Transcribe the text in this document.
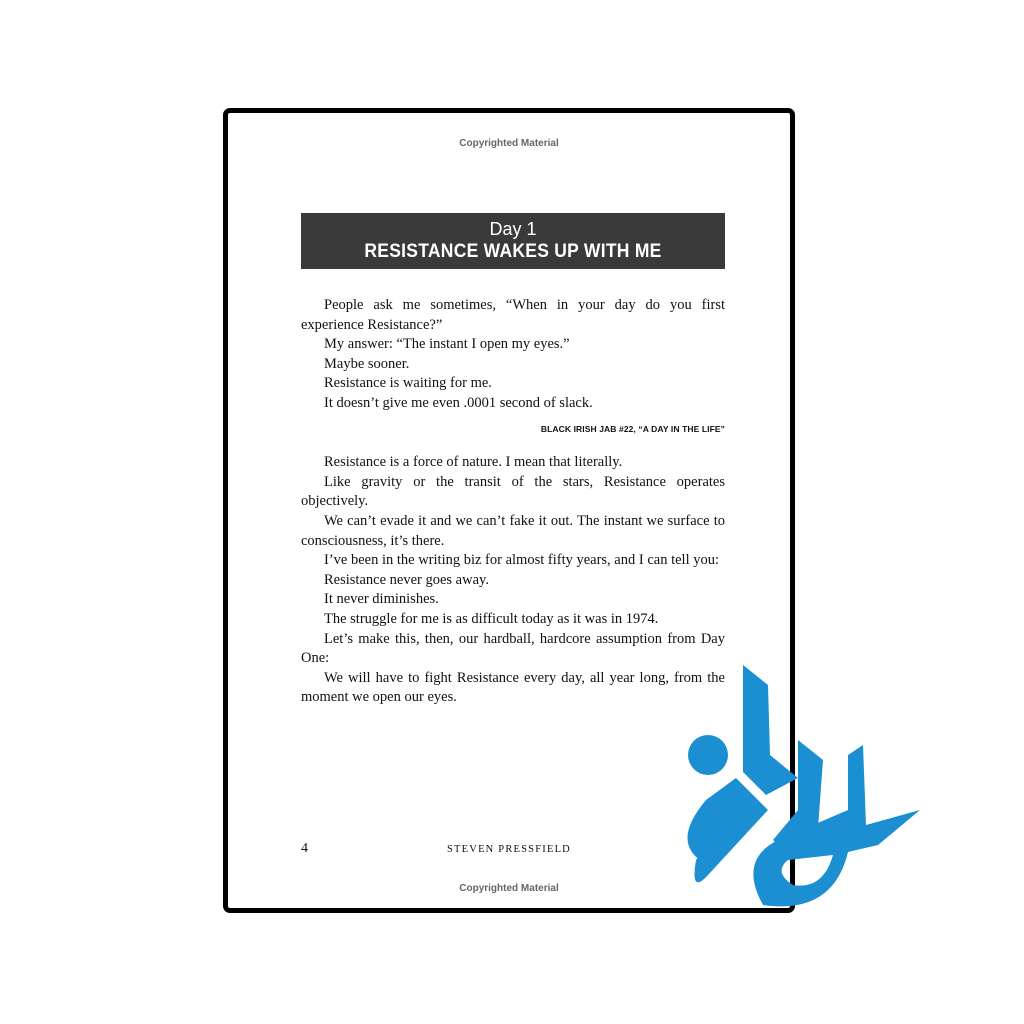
Copyrighted Material
Day 1
RESISTANCE WAKES UP WITH ME

People ask me sometimes, “When in your day do you first experience Resistance?”

My answer: “The instant I open my eyes.”

Maybe sooner.

Resistance is waiting for me.

It doesn’t give me even .0001 second of slack.

BLACK IRISH JAB #22, “A DAY IN THE LIFE”

Resistance is a force of nature. I mean that literally.

Like gravity or the transit of the stars, Resistance operates objectively.

We can’t evade it and we can’t fake it out. The instant we surface to consciousness, it’s there.

I’ve been in the writing biz for almost fifty years, and I can tell you:

Resistance never goes away.

It never diminishes.

The struggle for me is as difficult today as it was in 1974.

Let’s make this, then, our hardball, hardcore assumption from Day One:

We will have to fight Resistance every day, all year long, from the moment we open our eyes.

4	STEVEN PRESSFIELD
Copyrighted Material
